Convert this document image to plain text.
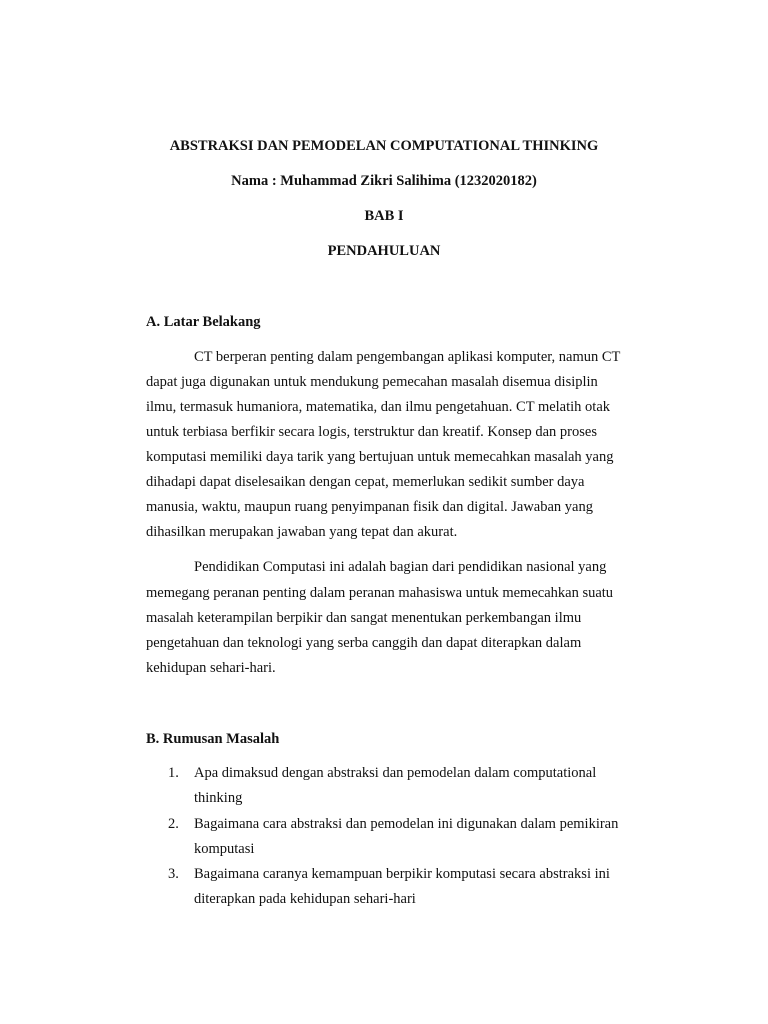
ABSTRAKSI DAN PEMODELAN COMPUTATIONAL THINKING
Nama : Muhammad Zikri Salihima (1232020182)
BAB I
PENDAHULUAN
A. Latar Belakang
CT berperan penting dalam pengembangan aplikasi komputer, namun CT
dapat juga digunakan untuk mendukung pemecahan masalah disemua disiplin
ilmu, termasuk humaniora, matematika, dan ilmu pengetahuan. CT melatih otak
untuk terbiasa berfikir secara logis, terstruktur dan kreatif. Konsep dan proses
komputasi memiliki daya tarik yang bertujuan untuk memecahkan masalah yang
dihadapi dapat diselesaikan dengan cepat, memerlukan sedikit sumber daya
manusia, waktu, maupun ruang penyimpanan fisik dan digital. Jawaban yang
dihasilkan merupakan jawaban yang tepat dan akurat.
Pendidikan Computasi ini adalah bagian dari pendidikan nasional yang
memegang peranan penting dalam peranan mahasiswa untuk memecahkan suatu
masalah keterampilan berpikir dan sangat menentukan perkembangan ilmu
pengetahuan dan teknologi yang serba canggih dan dapat diterapkan dalam
kehidupan sehari-hari.
B. Rumusan Masalah
1. Apa dimaksud dengan abstraksi dan pemodelan dalam computational
thinking
2. Bagaimana cara abstraksi dan pemodelan ini digunakan dalam pemikiran
komputasi
3. Bagaimana caranya kemampuan berpikir komputasi secara abstraksi ini
diterapkan pada kehidupan sehari-hari
